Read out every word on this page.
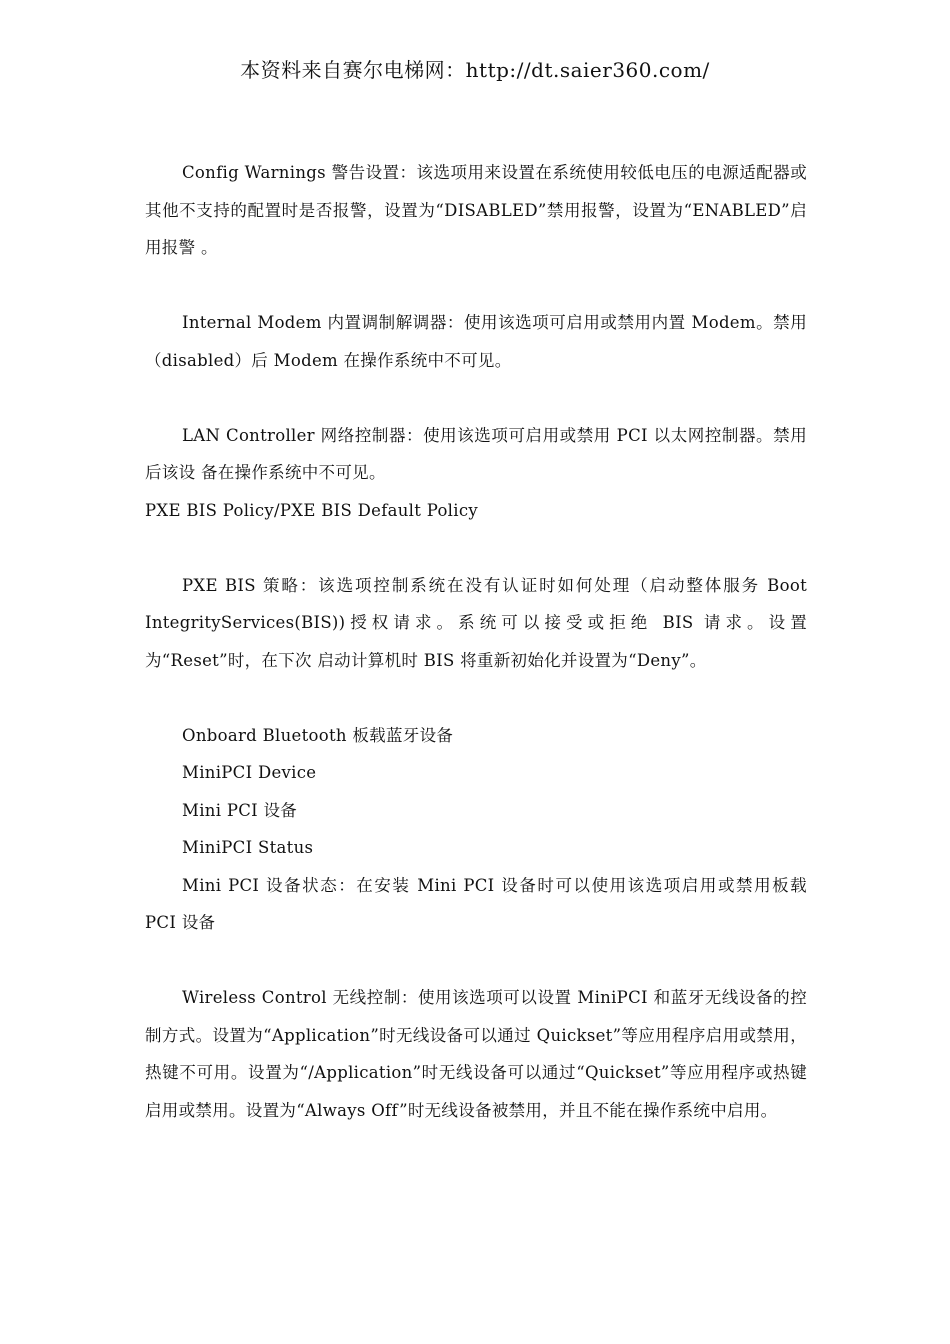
本资料来自赛尔电梯网：http://dt.saier360.com/

Config Warnings 警告设置：该选项用来设置在系统使用较低电压的电源适配器或其他不支持的配置时是否报警，设置为“DISABLED”禁用报警，设置为“ENABLED”启用报警 。

Internal Modem 内置调制解调器：使用该选项可启用或禁用内置 Modem。禁用（disabled）后 Modem 在操作系统中不可见。

LAN Controller 网络控制器：使用该选项可启用或禁用 PCI 以太网控制器。禁用后该设 备在操作系统中不可见。

PXE BIS Policy/PXE BIS Default Policy

PXE BIS 策略：该选项控制系统在没有认证时如何处理（启动整体服务 Boot IntegrityServices(BIS))授权请求。系统可以接受或拒绝 BIS 请求。设置为“Reset”时，在下次 启动计算机时 BIS 将重新初始化并设置为“Deny”。

Onboard Bluetooth 板载蓝牙设备

MiniPCI Device

Mini PCI 设备

MiniPCI Status

Mini PCI 设备状态：在安装 Mini PCI 设备时可以使用该选项启用或禁用板载 PCI 设备

Wireless Control 无线控制：使用该选项可以设置 MiniPCI 和蓝牙无线设备的控制方式。设置为“Application”时无线设备可以通过 Quickset”等应用程序启用或禁用，热键不可用。设置为“/Application”时无线设备可以通过“Quickset”等应用程序或热键启用或禁用。设置为“Always Off”时无线设备被禁用，并且不能在操作系统中启用。
